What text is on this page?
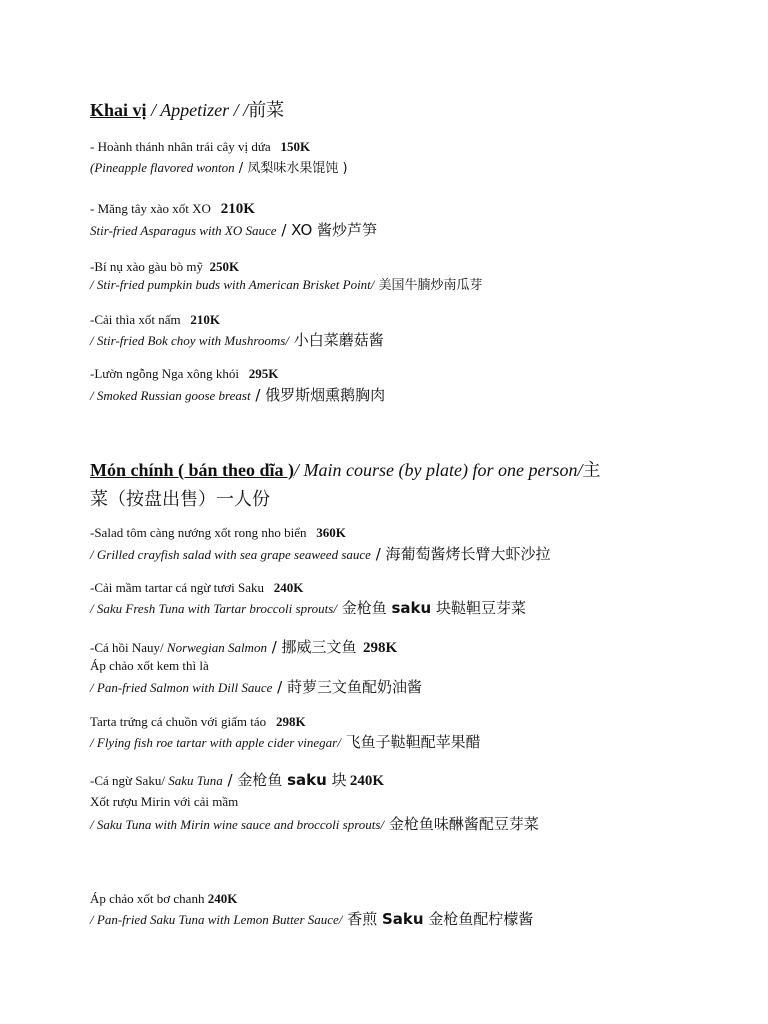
Khai vị / Appetizer / /前菜
- Hoành thánh nhân trái cây vị dứa 150K
(Pineapple flavored wonton / 凤梨味水果馄饨 )
- Măng tây xào xốt XO 210K
Stir-fried Asparagus with XO Sauce / XO 酱炒芦笋
-Bí nụ xào gàu bò mỹ 250K
/ Stir-fried pumpkin buds with American Brisket Point/ 美国牛腩炒南瓜芽
-Cải thìa xốt nấm 210K
/ Stir-fried Bok choy with Mushrooms/ 小白菜蘑菇酱
-Lườn ngỗng Nga xông khói 295K
/ Smoked Russian goose breast / 俄罗斯烟熏鹅胸肉
Món chính ( bán theo dĩa )/ Main course (by plate) for one person/主
菜（按盘出售）一人份
-Salad tôm càng nướng xốt rong nho biển 360K
/ Grilled crayfish salad with sea grape seaweed sauce / 海葡萄酱烤长臂大虾沙拉
-Cải mầm tartar cá ngừ tươi Saku 240K
/ Saku Fresh Tuna with Tartar broccoli sprouts/ 金枪鱼 saku 块鞑靼豆芽菜
-Cá hồi Nauy/ Norwegian Salmon / 挪威三文鱼 298K
Áp chảo xốt kem thì là
/ Pan-fried Salmon with Dill Sauce / 莳萝三文鱼配奶油酱
Tarta trứng cá chuồn với giấm táo 298K
/ Flying fish roe tartar with apple cider vinegar/ 飞鱼子鞑靼配苹果醋
-Cá ngừ Saku/ Saku Tuna / 金枪鱼 saku 块 240K
Xốt rượu Mirin với cải mầm
/ Saku Tuna with Mirin wine sauce and broccoli sprouts/ 金枪鱼味醂酱配豆芽菜
Áp chảo xốt bơ chanh 240K
/ Pan-fried Saku Tuna with Lemon Butter Sauce/ 香煎 Saku 金枪鱼配柠檬酱
